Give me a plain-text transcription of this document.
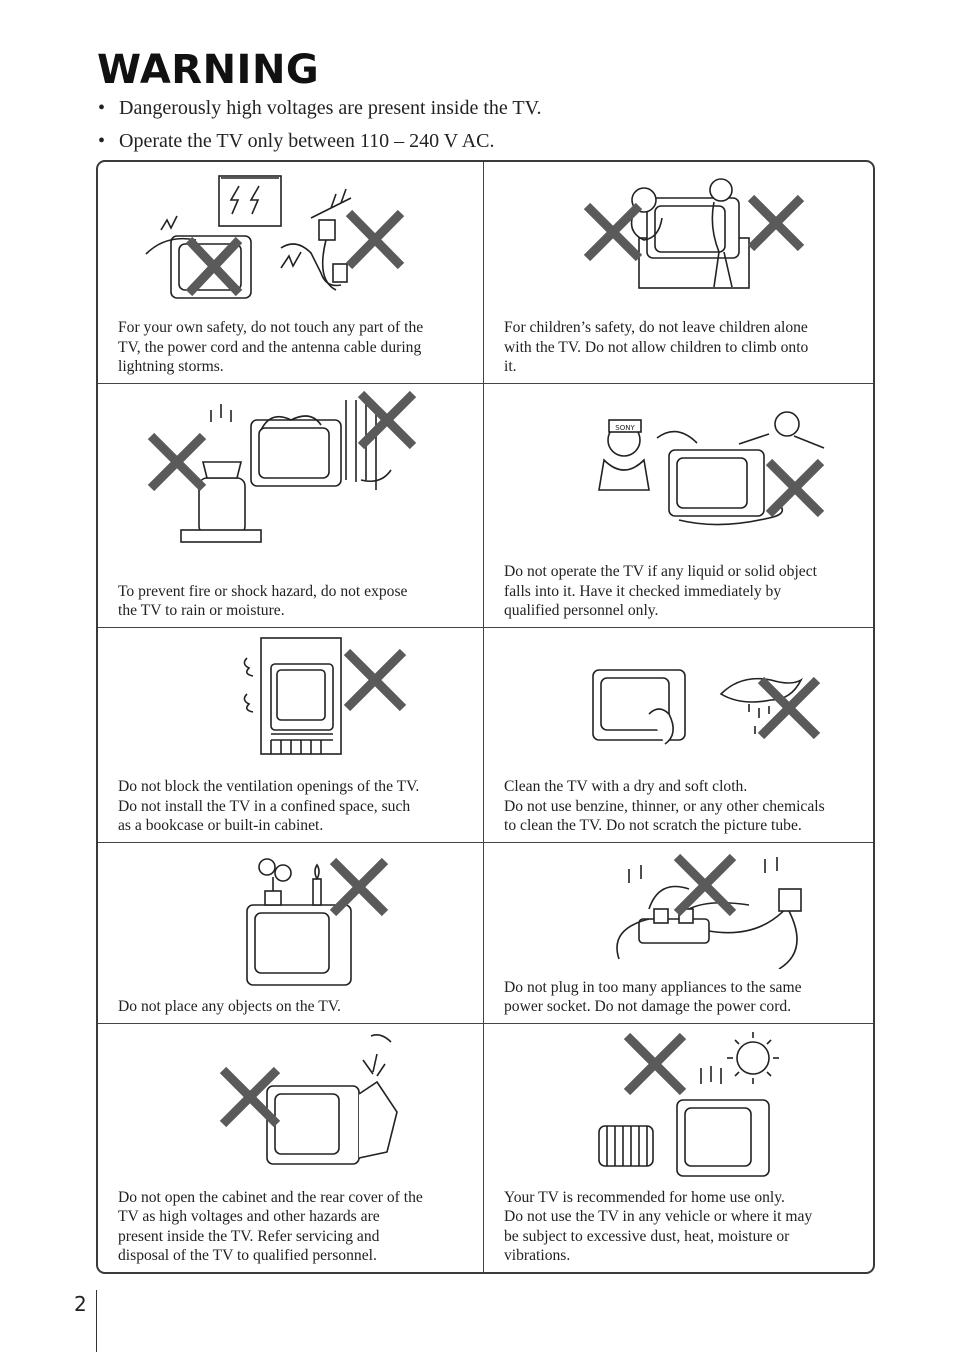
WARNING
• Dangerously high voltages are present inside the TV.
• Operate the TV only between 110 – 240 V AC.

For your own safety, do not touch any part of the
TV, the power cord and the antenna cable during
lightning storms.

For children’s safety, do not leave children alone
with the TV. Do not allow children to climb onto
it.

To prevent fire or shock hazard, do not expose
the TV to rain or moisture.

SONY

Do not operate the TV if any liquid or solid object
falls into it. Have it checked immediately by
qualified personnel only.

Do not block the ventilation openings of the TV.
Do not install the TV in a confined space, such
as a bookcase or built-in cabinet.

Clean the TV with a dry and soft cloth.
Do not use benzine, thinner, or any other chemicals
to clean the TV. Do not scratch the picture tube.

Do not place any objects on the TV.

Do not plug in too many appliances to the same
power socket. Do not damage the power cord.

Do not open the cabinet and the rear cover of the
TV as high voltages and other hazards are
present inside the TV. Refer servicing and
disposal of the TV to qualified personnel.

Your TV is recommended for home use only.
Do not use the TV in any vehicle or where it may
be subject to excessive dust, heat, moisture or
vibrations.

2
